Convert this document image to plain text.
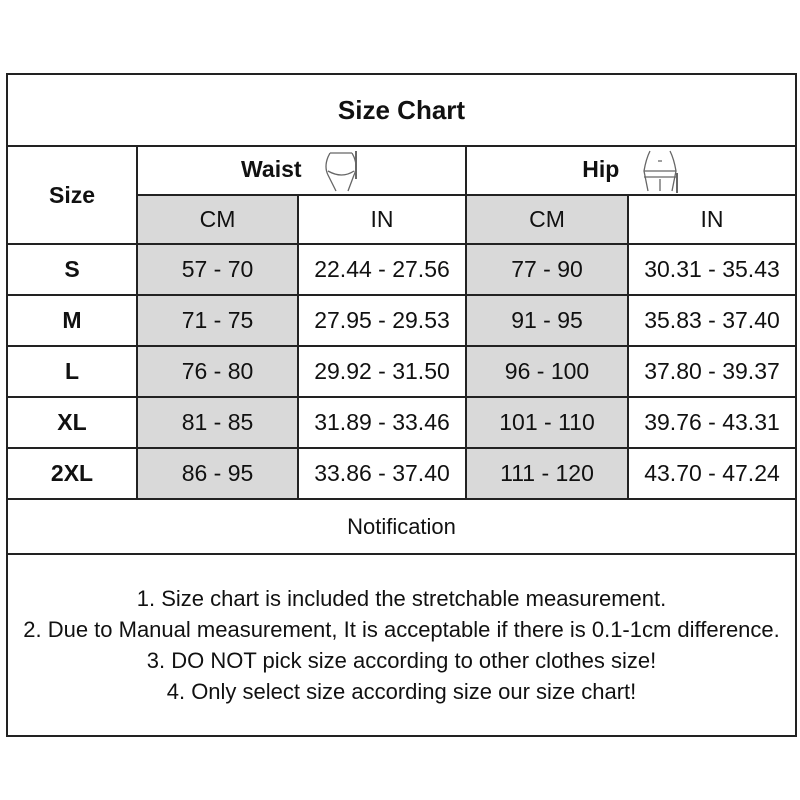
Size Chart				
Size	Waist		Hip	
	CM	IN	CM	IN
S	57 - 70	22.44 - 27.56	77 - 90	30.31 - 35.43
M	71 - 75	27.95 - 29.53	91 - 95	35.83 - 37.40
L	76 - 80	29.92 - 31.50	96 - 100	37.80 - 39.37
XL	81 - 85	31.89 - 33.46	101 - 110	39.76 - 43.31
2XL	86 - 95	33.86 - 37.40	111 - 120	43.70 - 47.24
Notification				

1. Size chart is included the stretchable measurement.
2. Due to Manual measurement, It is acceptable if there is 0.1-1cm difference.
3. DO NOT pick size according to other clothes size!
4. Only select size according size our size chart!				
